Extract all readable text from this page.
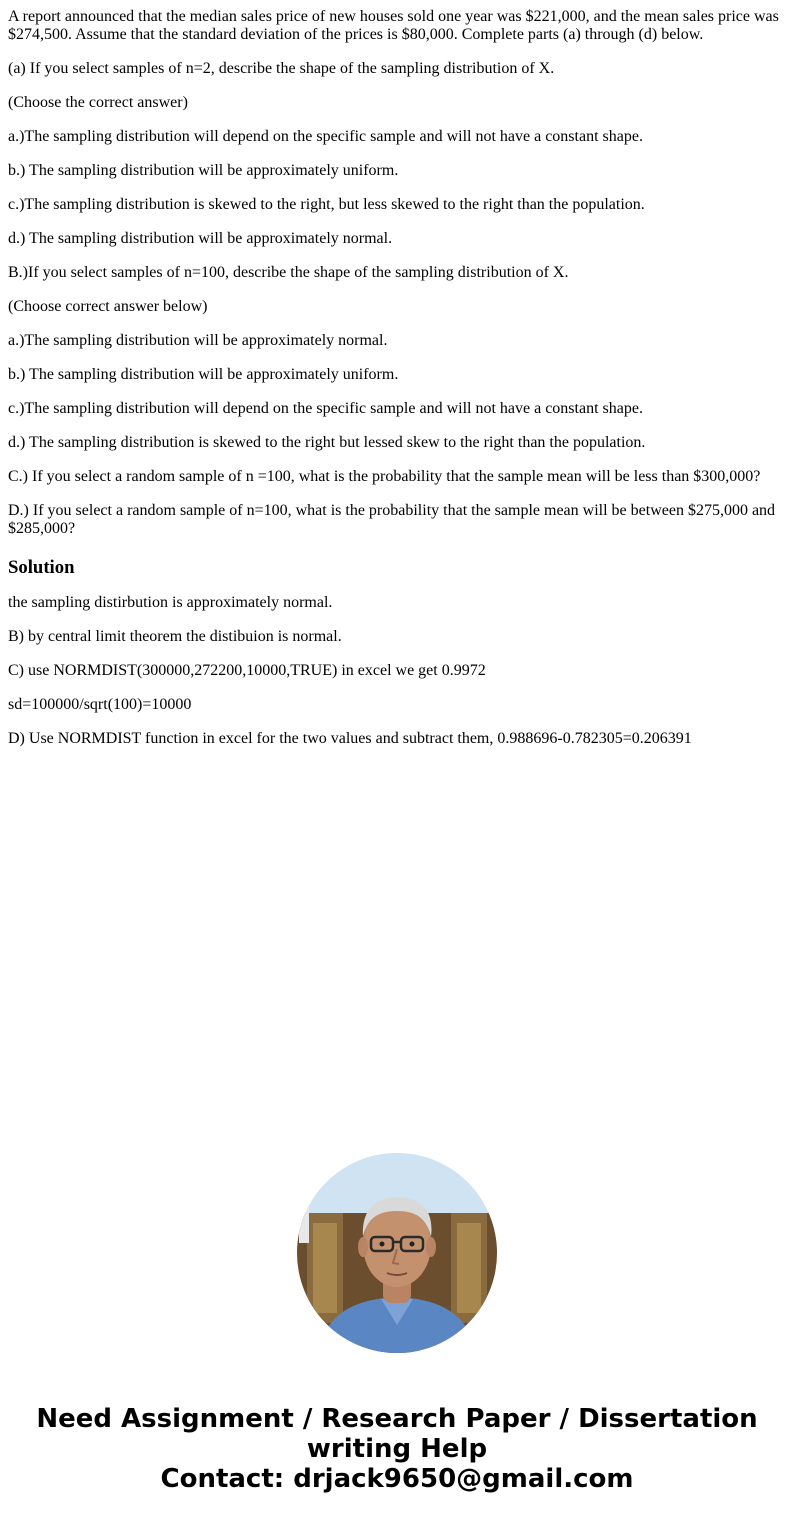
A report announced that the median sales price of new houses sold one year was $221,000, and the mean sales price was $274,500. Assume that the standard deviation of the prices is $80,000. Complete parts (a) through (d) below.

(a) If you select samples of n=2, describe the shape of the sampling distribution of X.

(Choose the correct answer)

a.)The sampling distribution will depend on the specific sample and will not have a constant shape.

b.) The sampling distribution will be approximately uniform.

c.)The sampling distribution is skewed to the right, but less skewed to the right than the population.

d.) The sampling distribution will be approximately normal.

B.)If you select samples of n=100, describe the shape of the sampling distribution of X.

(Choose correct answer below)

a.)The sampling distribution will be approximately normal.

b.) The sampling distribution will be approximately uniform.

c.)The sampling distribution will depend on the specific sample and will not have a constant shape.

d.) The sampling distribution is skewed to the right but lessed skew to the right than the population.

C.) If you select a random sample of n =100, what is the probability that the sample mean will be less than $300,000?

D.) If you select a random sample of n=100, what is the probability that the sample mean will be between $275,000 and $285,000?

Solution

the sampling distirbution is approximately normal.

B) by central limit theorem the distibuion is normal.

C) use NORMDIST(300000,272200,10000,TRUE) in excel we get 0.9972

sd=100000/sqrt(100)=10000

D) Use NORMDIST function in excel for the two values and subtract them, 0.988696-0.782305=0.206391

Need Assignment / Research Paper / Dissertation
writing Help
Contact: drjack9650@gmail.com
